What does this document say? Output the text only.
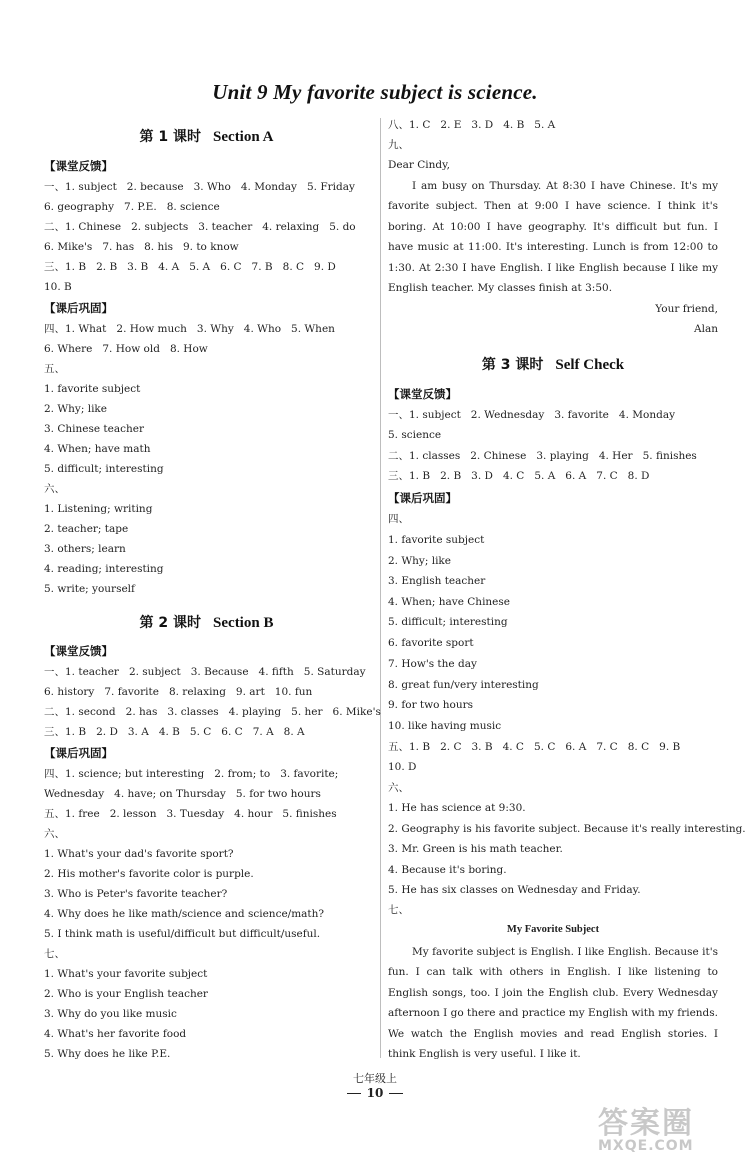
Unit 9 My favorite subject is science.
第 1 课时 Section A
【课堂反馈】
一、1. subject   2. because   3. Who   4. Monday   5. Friday
6. geography   7. P.E.   8. science
二、1. Chinese   2. subjects   3. teacher   4. relaxing   5. do
6. Mike's   7. has   8. his   9. to know
三、1. B   2. B   3. B   4. A   5. A   6. C   7. B   8. C   9. D
10. B
【课后巩固】
四、1. What   2. How much   3. Why   4. Who   5. When
6. Where   7. How old   8. How
五、
1. favorite subject
2. Why; like
3. Chinese teacher
4. When; have math
5. difficult; interesting
六、
1. Listening; writing
2. teacher; tape
3. others; learn
4. reading; interesting
5. write; yourself
第 2 课时 Section B
【课堂反馈】
一、1. teacher   2. subject   3. Because   4. fifth   5. Saturday
6. history   7. favorite   8. relaxing   9. art   10. fun
二、1. second   2. has   3. classes   4. playing   5. her   6. Mike's
三、1. B   2. D   3. A   4. B   5. C   6. C   7. A   8. A
【课后巩固】
四、1. science; but interesting   2. from; to   3. favorite;
Wednesday   4. have; on Thursday   5. for two hours
五、1. free   2. lesson   3. Tuesday   4. hour   5. finishes
六、
1. What's your dad's favorite sport?
2. His mother's favorite color is purple.
3. Who is Peter's favorite teacher?
4. Why does he like math/science and science/math?
5. I think math is useful/difficult but difficult/useful.
七、
1. What's your favorite subject
2. Who is your English teacher
3. Why do you like music
4. What's her favorite food
5. Why does he like P.E.
八、1. C   2. E   3. D   4. B   5. A
九、
Dear Cindy,
I am busy on Thursday. At 8:30 I have Chinese. It's my favorite subject. Then at 9:00 I have science. I think it's boring. At 10:00 I have geography. It's difficult but fun. I have music at 11:00. It's interesting. Lunch is from 12:00 to 1:30. At 2:30 I have English. I like English because I like my English teacher. My classes finish at 3:50.
Your friend,
Alan
第 3 课时 Self Check
【课堂反馈】
一、1. subject   2. Wednesday   3. favorite   4. Monday
5. science
二、1. classes   2. Chinese   3. playing   4. Her   5. finishes
三、1. B   2. B   3. D   4. C   5. A   6. A   7. C   8. D
【课后巩固】
四、
1. favorite subject
2. Why; like
3. English teacher
4. When; have Chinese
5. difficult; interesting
6. favorite sport
7. How's the day
8. great fun/very interesting
9. for two hours
10. like having music
五、1. B   2. C   3. B   4. C   5. C   6. A   7. C   8. C   9. B
10. D
六、
1. He has science at 9:30.
2. Geography is his favorite subject. Because it's really interesting.
3. Mr. Green is his math teacher.
4. Because it's boring.
5. He has six classes on Wednesday and Friday.
七、
My Favorite Subject
My favorite subject is English. I like English. Because it's fun. I can talk with others in English. I like listening to English songs, too. I join the English club. Every Wednesday afternoon I go there and practice my English with my friends. We watch the English movies and read English stories. I think English is very useful. I like it.
七年级上
10
答案圈
MXQE.COM
